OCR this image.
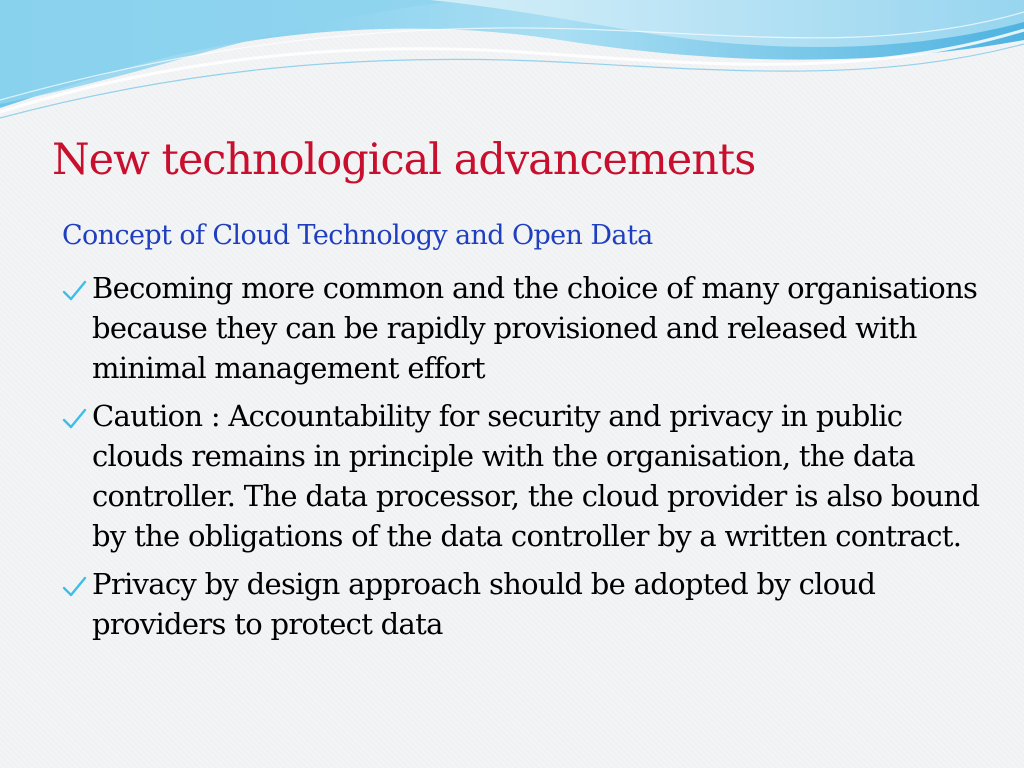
New technological advancements
Concept of Cloud Technology and Open Data
Becoming more common and the choice of many organisations because they can be rapidly provisioned and released with minimal management effort
Caution : Accountability for security and privacy in public clouds remains in principle with the organisation, the data controller. The data processor, the cloud provider is also bound by the obligations of the data controller by a written contract.
Privacy by design approach should be adopted by cloud providers to protect data
